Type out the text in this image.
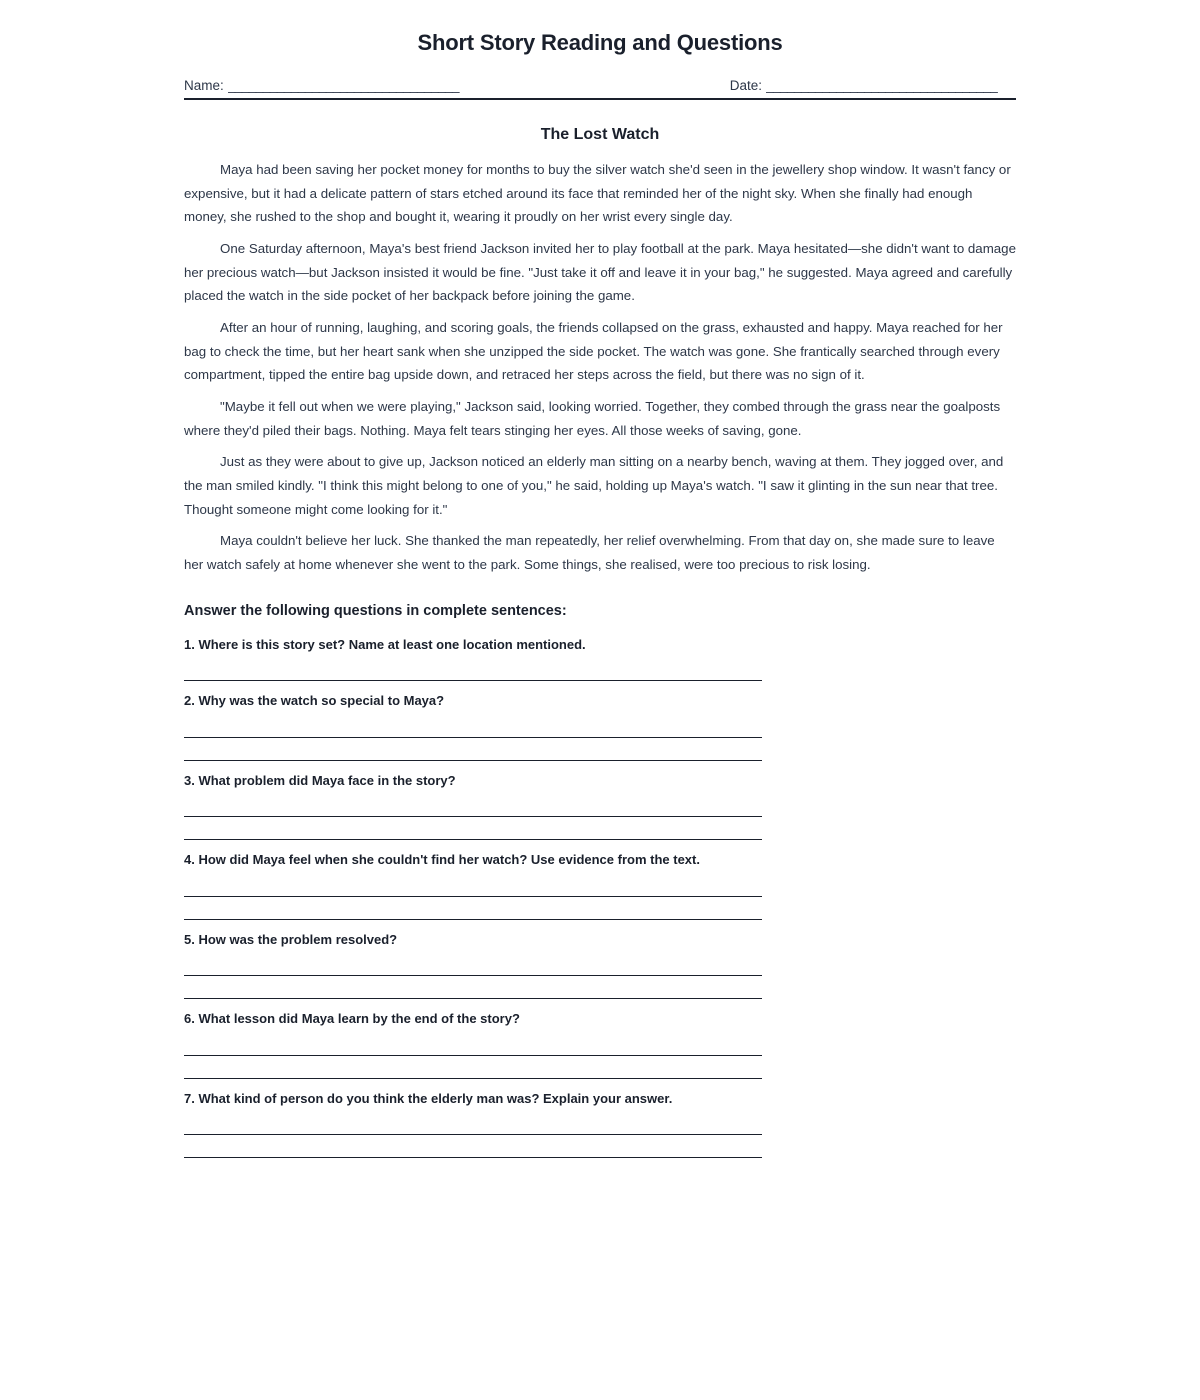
Short Story Reading and Questions
Name: _________________________________	Date: _________________________________
The Lost Watch

Maya had been saving her pocket money for months to buy the silver watch she'd seen in the jewellery shop window. It wasn't fancy or expensive, but it had a delicate pattern of stars etched around its face that reminded her of the night sky. When she finally had enough money, she rushed to the shop and bought it, wearing it proudly on her wrist every single day.

One Saturday afternoon, Maya's best friend Jackson invited her to play football at the park. Maya hesitated—she didn't want to damage her precious watch—but Jackson insisted it would be fine. "Just take it off and leave it in your bag," he suggested. Maya agreed and carefully placed the watch in the side pocket of her backpack before joining the game.

After an hour of running, laughing, and scoring goals, the friends collapsed on the grass, exhausted and happy. Maya reached for her bag to check the time, but her heart sank when she unzipped the side pocket. The watch was gone. She frantically searched through every compartment, tipped the entire bag upside down, and retraced her steps across the field, but there was no sign of it.

"Maybe it fell out when we were playing," Jackson said, looking worried. Together, they combed through the grass near the goalposts where they'd piled their bags. Nothing. Maya felt tears stinging her eyes. All those weeks of saving, gone.

Just as they were about to give up, Jackson noticed an elderly man sitting on a nearby bench, waving at them. They jogged over, and the man smiled kindly. "I think this might belong to one of you," he said, holding up Maya's watch. "I saw it glinting in the sun near that tree. Thought someone might come looking for it."

Maya couldn't believe her luck. She thanked the man repeatedly, her relief overwhelming. From that day on, she made sure to leave her watch safely at home whenever she went to the park. Some things, she realised, were too precious to risk losing.

Answer the following questions in complete sentences:

1. Where is this story set? Name at least one location mentioned.

2. Why was the watch so special to Maya?

3. What problem did Maya face in the story?

4. How did Maya feel when she couldn't find her watch? Use evidence from the text.

5. How was the problem resolved?

6. What lesson did Maya learn by the end of the story?

7. What kind of person do you think the elderly man was? Explain your answer.
